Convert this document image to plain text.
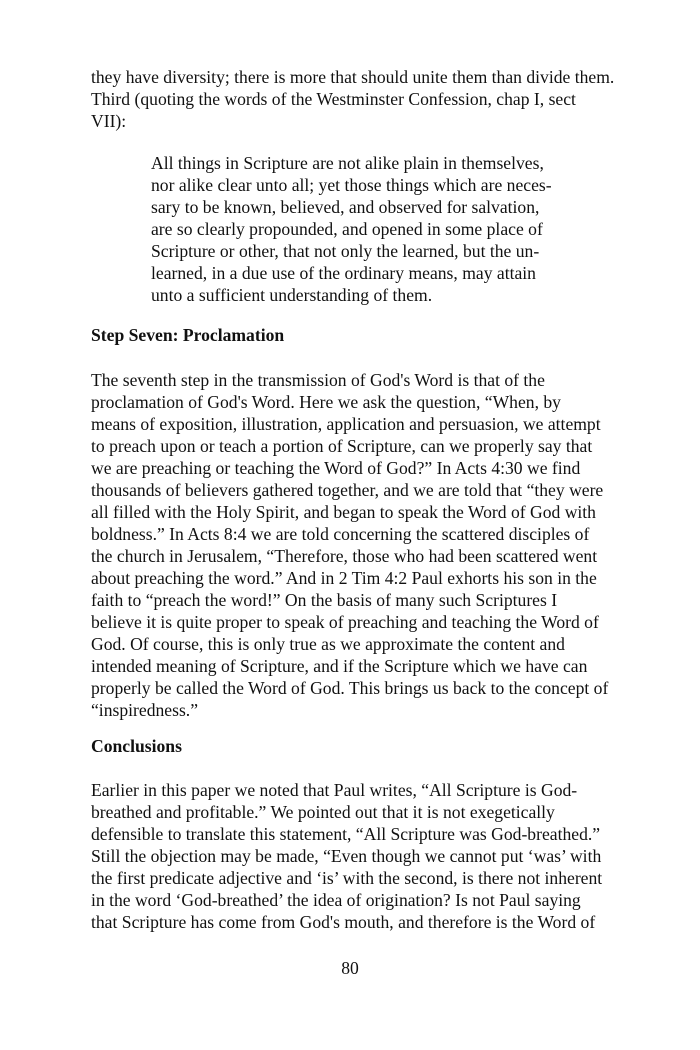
they have diversity; there is more that should unite them than divide them.
Third (quoting the words of the Westminster Confession, chap I, sect
VII):
All things in Scripture are not alike plain in themselves,
nor alike clear unto all; yet those things which are neces-
sary to be known, believed, and observed for salvation,
are so clearly propounded, and opened in some place of
Scripture or other, that not only the learned, but the un-
learned, in a due use of the ordinary means, may attain
unto a sufficient understanding of them.
Step Seven: Proclamation
The seventh step in the transmission of God's Word is that of the
proclamation of God's Word. Here we ask the question, “When, by
means of exposition, illustration, application and persuasion, we attempt
to preach upon or teach a portion of Scripture, can we properly say that
we are preaching or teaching the Word of God?” In Acts 4:30 we find
thousands of believers gathered together, and we are told that “they were
all filled with the Holy Spirit, and began to speak the Word of God with
boldness.” In Acts 8:4 we are told concerning the scattered disciples of
the church in Jerusalem, “Therefore, those who had been scattered went
about preaching the word.” And in 2 Tim 4:2 Paul exhorts his son in the
faith to “preach the word!” On the basis of many such Scriptures I
believe it is quite proper to speak of preaching and teaching the Word of
God. Of course, this is only true as we approximate the content and
intended meaning of Scripture, and if the Scripture which we have can
properly be called the Word of God. This brings us back to the concept of
“inspiredness.”
Conclusions
Earlier in this paper we noted that Paul writes, “All Scripture is God-
breathed and profitable.” We pointed out that it is not exegetically
defensible to translate this statement, “All Scripture was God-breathed.”
Still the objection may be made, “Even though we cannot put ‘was’ with
the first predicate adjective and ‘is’ with the second, is there not inherent
in the word ‘God-breathed’ the idea of origination? Is not Paul saying
that Scripture has come from God's mouth, and therefore is the Word of
80
